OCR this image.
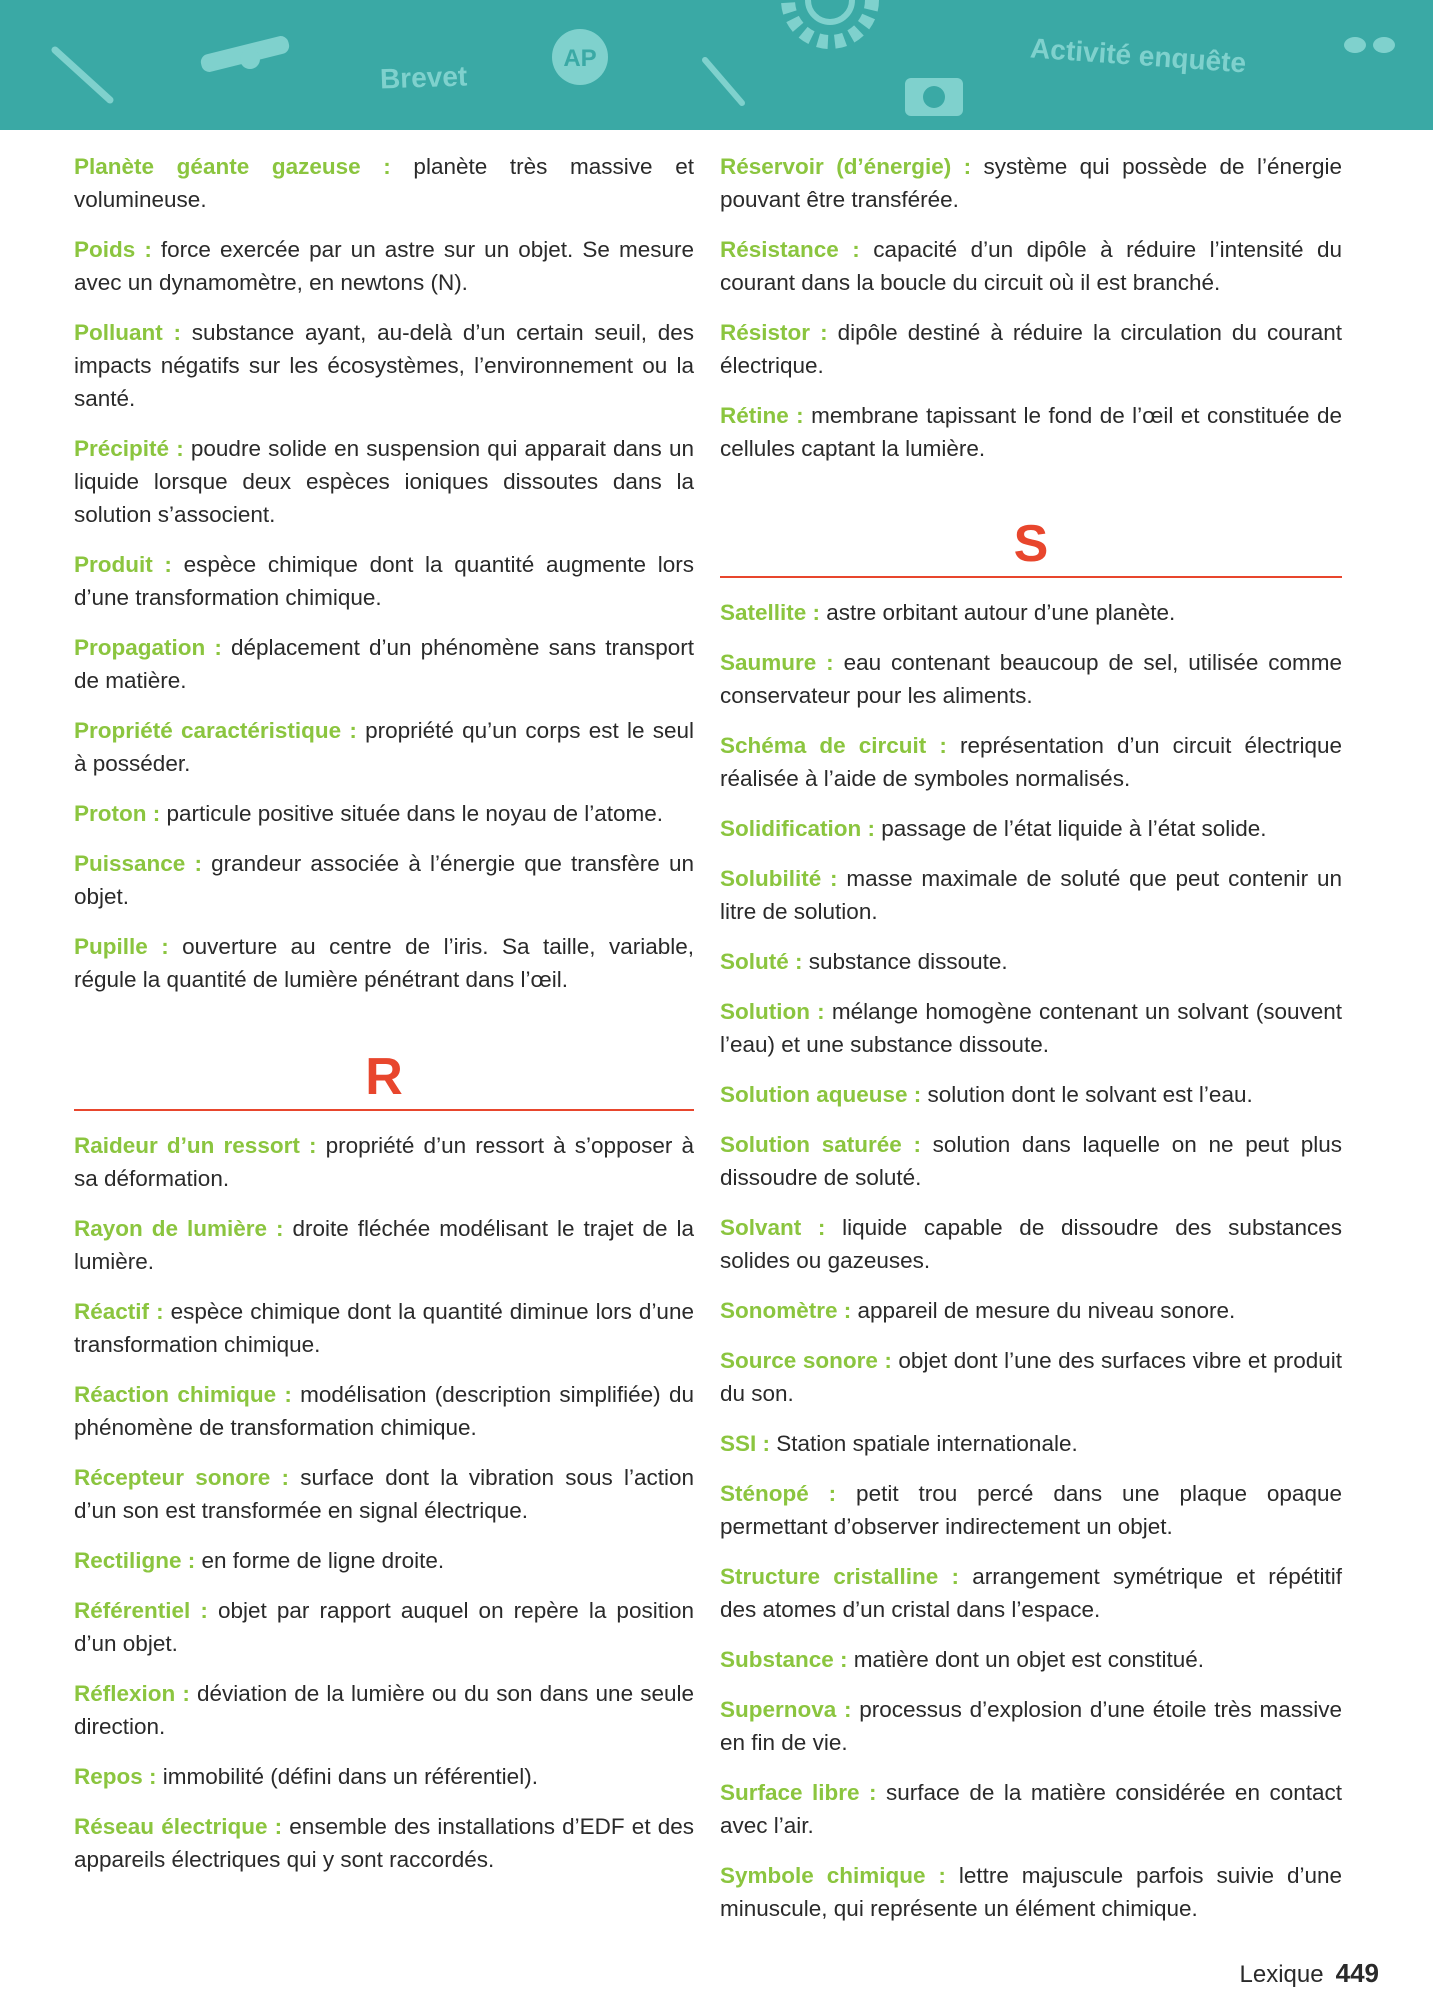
Brevet
AP	Activité enquête

Planète géante gazeuse : planète très massive et volumineuse.

Poids : force exercée par un astre sur un objet. Se mesure avec un dynamomètre, en newtons (N).

Polluant : substance ayant, au-delà d’un certain seuil, des impacts négatifs sur les écosystèmes, l’environnement ou la santé.

Précipité : poudre solide en suspension qui apparait dans un liquide lorsque deux espèces ioniques dissoutes dans la solution s’associent.

Produit : espèce chimique dont la quantité augmente lors d’une transformation chimique.

Propagation : déplacement d’un phénomène sans transport de matière.

Propriété caractéristique : propriété qu’un corps est le seul à posséder.

Proton : particule positive située dans le noyau de l’atome.

Puissance : grandeur associée à l’énergie que transfère un objet.

Pupille : ouverture au centre de l’iris. Sa taille, variable, régule la quantité de lumière pénétrant dans l’œil.

R

Raideur d’un ressort : propriété d’un ressort à s’opposer à sa déformation.

Rayon de lumière : droite fléchée modélisant le trajet de la lumière.

Réactif : espèce chimique dont la quantité diminue lors d’une transformation chimique.

Réaction chimique : modélisation (description simplifiée) du phénomène de transformation chimique.

Récepteur sonore : surface dont la vibration sous l’action d’un son est transformée en signal électrique.

Rectiligne : en forme de ligne droite.

Référentiel : objet par rapport auquel on repère la position d’un objet.

Réflexion : déviation de la lumière ou du son dans une seule direction.

Repos : immobilité (défini dans un référentiel).

Réseau électrique : ensemble des installations d’EDF et des appareils électriques qui y sont raccordés.

Réservoir (d’énergie) : système qui possède de l’énergie pouvant être transférée.

Résistance : capacité d’un dipôle à réduire l’intensité du courant dans la boucle du circuit où il est branché.

Résistor : dipôle destiné à réduire la circulation du courant électrique.

Rétine : membrane tapissant le fond de l’œil et constituée de cellules captant la lumière.

S

Satellite : astre orbitant autour d’une planète.

Saumure : eau contenant beaucoup de sel, utilisée comme conservateur pour les aliments.

Schéma de circuit : représentation d’un circuit électrique réalisée à l’aide de symboles normalisés.

Solidification : passage de l’état liquide à l’état solide.

Solubilité : masse maximale de soluté que peut contenir un litre de solution.

Soluté : substance dissoute.

Solution : mélange homogène contenant un solvant (souvent l’eau) et une substance dissoute.

Solution aqueuse : solution dont le solvant est l’eau.

Solution saturée : solution dans laquelle on ne peut plus dissoudre de soluté.

Solvant : liquide capable de dissoudre des substances solides ou gazeuses.

Sonomètre : appareil de mesure du niveau sonore.

Source sonore : objet dont l’une des surfaces vibre et produit du son.

SSI : Station spatiale internationale.

Sténopé : petit trou percé dans une plaque opaque permettant d’observer indirectement un objet.

Structure cristalline : arrangement symétrique et répétitif des atomes d’un cristal dans l’espace.

Substance : matière dont un objet est constitué.

Supernova : processus d’explosion d’une étoile très massive en fin de vie.

Surface libre : surface de la matière considérée en contact avec l’air.

Symbole chimique : lettre majuscule parfois suivie d’une minuscule, qui représente un élément chimique.

Lexique 449
